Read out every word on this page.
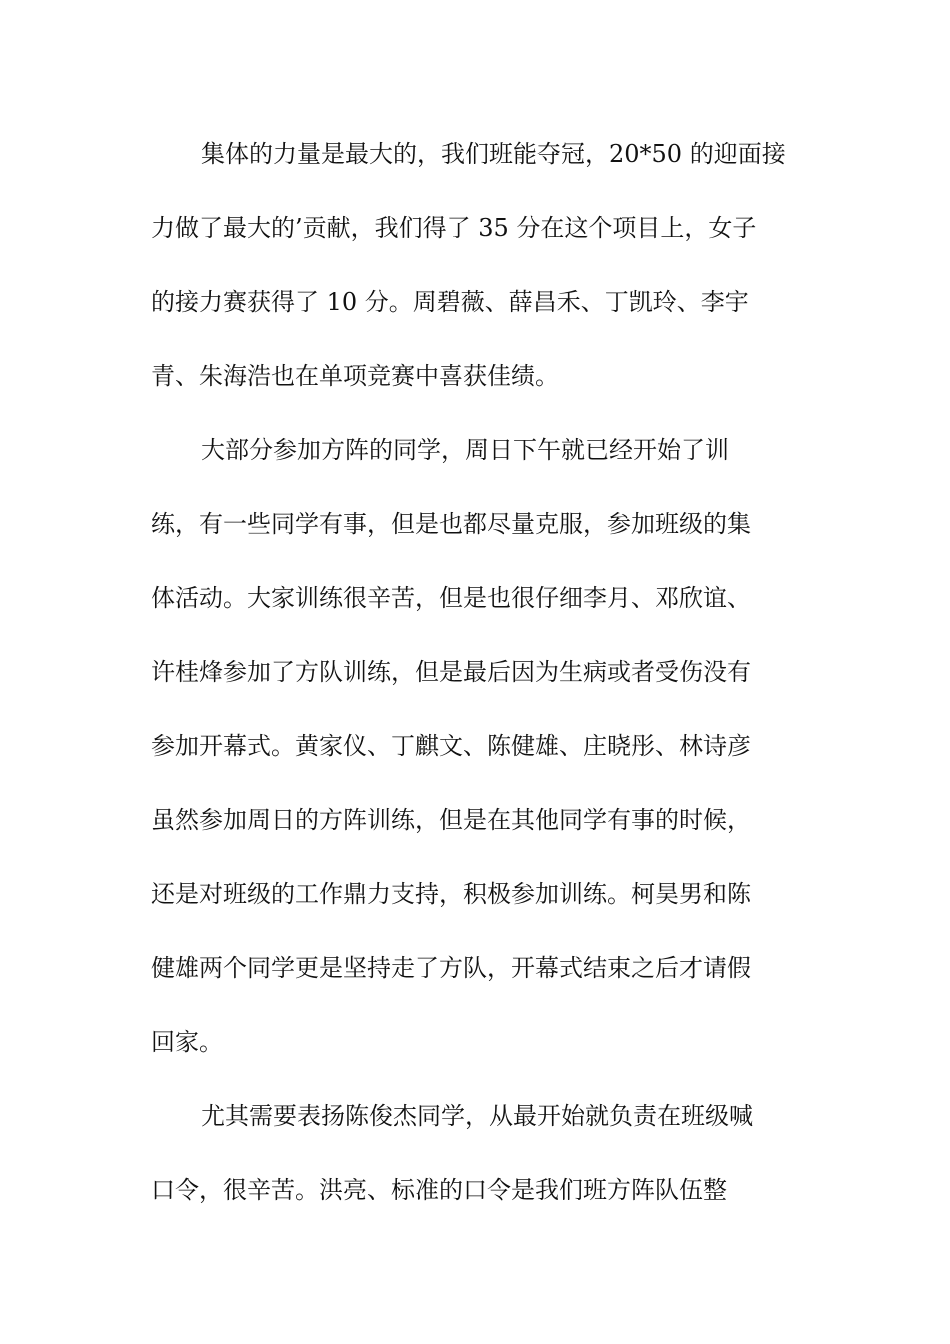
集体的力量是最大的，我们班能夺冠，20*50 的迎面接
力做了最大的’贡献，我们得了 35 分在这个项目上，女子
的接力赛获得了 10 分。周碧薇、薛昌禾、丁凯玲、李宇
青、朱海浩也在单项竞赛中喜获佳绩。
大部分参加方阵的同学，周日下午就已经开始了训
练，有一些同学有事，但是也都尽量克服，参加班级的集
体活动。大家训练很辛苦，但是也很仔细李月、邓欣谊、
许桂烽参加了方队训练，但是最后因为生病或者受伤没有
参加开幕式。黄家仪、丁麒文、陈健雄、庄晓彤、林诗彦
虽然参加周日的方阵训练，但是在其他同学有事的时候，
还是对班级的工作鼎力支持，积极参加训练。柯昊男和陈
健雄两个同学更是坚持走了方队，开幕式结束之后才请假
回家。
尤其需要表扬陈俊杰同学，从最开始就负责在班级喊
口令，很辛苦。洪亮、标准的口令是我们班方阵队伍整
